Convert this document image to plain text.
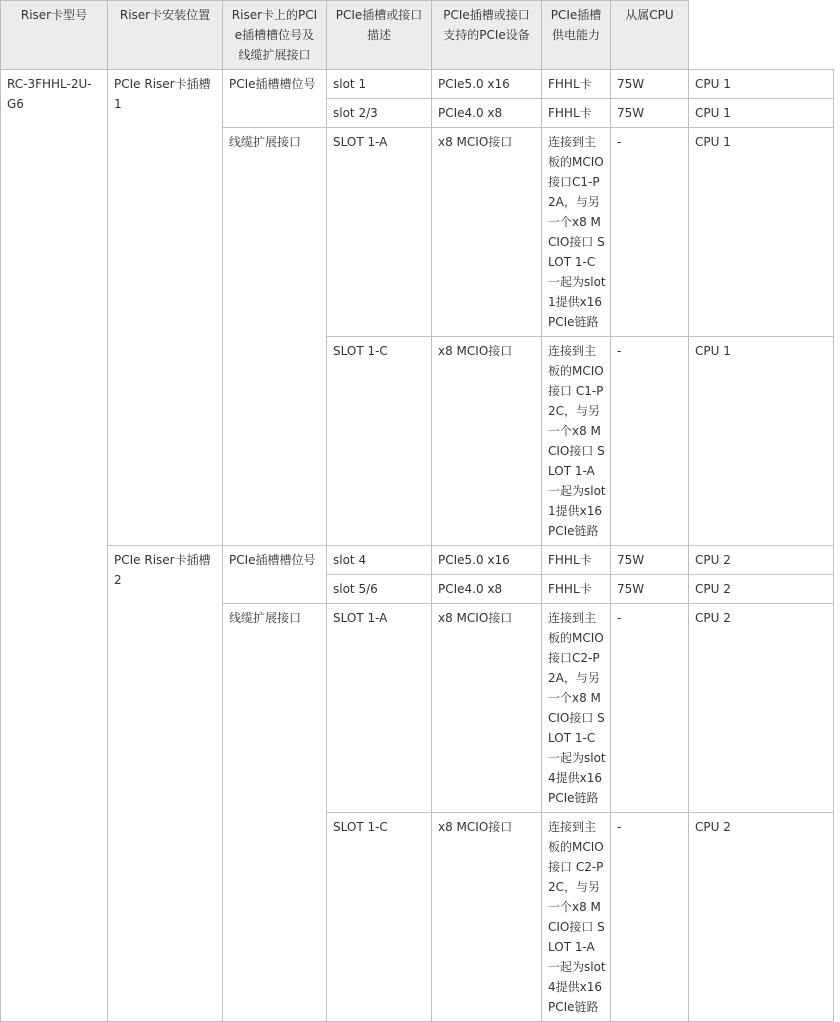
Riser卡型号	Riser卡安装位置	Riser卡上的PCIe插槽槽位号及线缆扩展接口	PCIe插槽或接口描述	PCIe插槽或接口支持的PCIe设备	PCIe插槽供电能力	从属CPU	
RC-3FHHL-2U-G6	PCIe Riser卡插槽1	PCIe插槽槽位号	slot 1	PCIe5.0 x16	FHHL卡	75W	CPU 1
			slot 2/3	PCIe4.0 x8	FHHL卡	75W	CPU 1
		线缆扩展接口	SLOT 1-A	x8 MCIO接口	连接到主板的MCIO接口C1-P2A，与另一个x8 MCIO接口 SLOT 1-C一起为slot 1提供x16 PCIe链路	-	CPU 1
			SLOT 1-C	x8 MCIO接口	连接到主板的MCIO 接口 C1-P2C，与另一个x8 MCIO接口 SLOT 1-A一起为slot 1提供x16 PCIe链路	-	CPU 1
	PCIe Riser卡插槽2	PCIe插槽槽位号	slot 4	PCIe5.0 x16	FHHL卡	75W	CPU 2
			slot 5/6	PCIe4.0 x8	FHHL卡	75W	CPU 2
		线缆扩展接口	SLOT 1-A	x8 MCIO接口	连接到主板的MCIO接口C2-P2A，与另一个x8 MCIO接口 SLOT 1-C一起为slot 4提供x16 PCIe链路	-	CPU 2
			SLOT 1-C	x8 MCIO接口	连接到主板的MCIO 接口 C2-P2C，与另一个x8 MCIO接口 SLOT 1-A一起为slot 4提供x16 PCIe链路	-	CPU 2
